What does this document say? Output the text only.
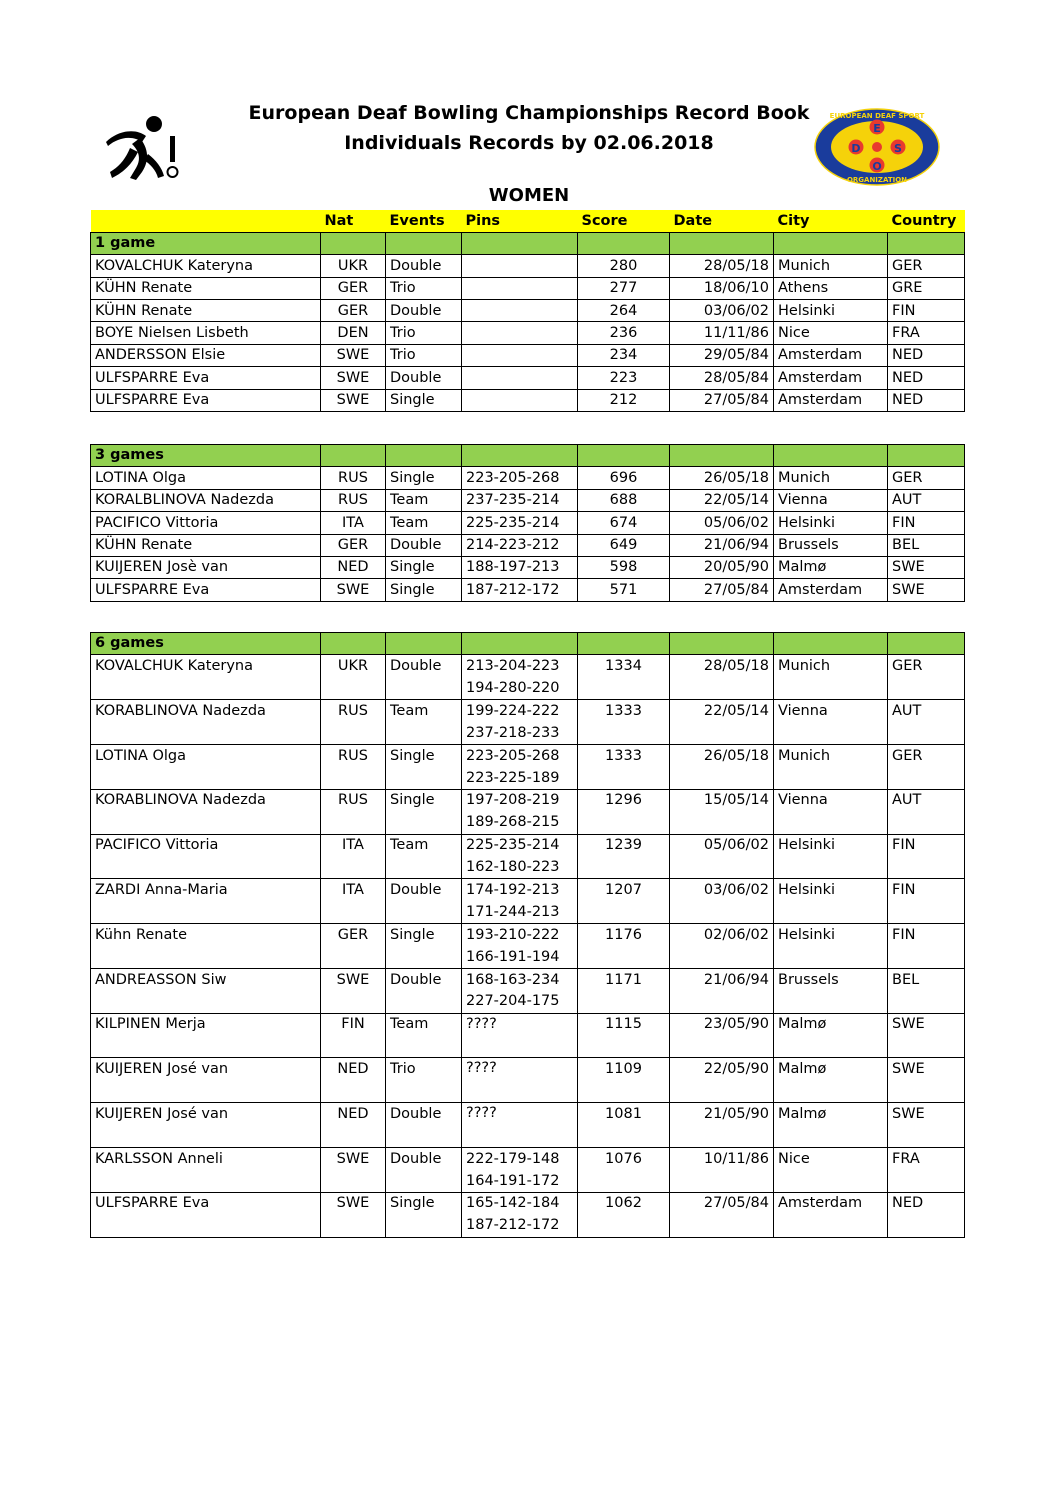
E
D	S
O
EUROPEAN DEAF SPORT
ORGANIZATION
European Deaf Bowling Championships Record Book
Individuals Records by 02.06.2018
WOMEN
	Nat	Events	Pins	Score	Date	City	Country
1 game							
KOVALCHUK Kateryna	UKR	Double		280	28/05/18	Munich	GER
KÜHN Renate	GER	Trio		277	18/06/10	Athens	GRE
KÜHN Renate	GER	Double		264	03/06/02	Helsinki	FIN
BOYE Nielsen Lisbeth	DEN	Trio		236	11/11/86	Nice	FRA
ANDERSSON Elsie	SWE	Trio		234	29/05/84	Amsterdam	NED
ULFSPARRE Eva	SWE	Double		223	28/05/84	Amsterdam	NED
ULFSPARRE Eva	SWE	Single		212	27/05/84	Amsterdam	NED
3 games							
LOTINA Olga	RUS	Single	223-205-268	696	26/05/18	Munich	GER
KORALBLINOVA Nadezda	RUS	Team	237-235-214	688	22/05/14	Vienna	AUT
PACIFICO Vittoria	ITA	Team	225-235-214	674	05/06/02	Helsinki	FIN
KÜHN Renate	GER	Double	214-223-212	649	21/06/94	Brussels	BEL
KUIJEREN Josè van	NED	Single	188-197-213	598	20/05/90	Malmø	SWE
ULFSPARRE Eva	SWE	Single	187-212-172	571	27/05/84	Amsterdam	SWE
6 games							
KOVALCHUK Kateryna	UKR	Double	213-204-223	1334	28/05/18	Munich	GER
			194-280-220				
KORABLINOVA Nadezda	RUS	Team	199-224-222	1333	22/05/14	Vienna	AUT
			237-218-233				
LOTINA Olga	RUS	Single	223-205-268	1333	26/05/18	Munich	GER
			223-225-189				
KORABLINOVA Nadezda	RUS	Single	197-208-219	1296	15/05/14	Vienna	AUT
			189-268-215				
PACIFICO Vittoria	ITA	Team	225-235-214	1239	05/06/02	Helsinki	FIN
			162-180-223				
ZARDI Anna-Maria	ITA	Double	174-192-213	1207	03/06/02	Helsinki	FIN
			171-244-213				
Kühn Renate	GER	Single	193-210-222	1176	02/06/02	Helsinki	FIN
			166-191-194				
ANDREASSON Siw	SWE	Double	168-163-234	1171	21/06/94	Brussels	BEL
			227-204-175				
KILPINEN Merja	FIN	Team	????	1115	23/05/90	Malmø	SWE

KUIJEREN José van	NED	Trio	????	1109	22/05/90	Malmø	SWE

KUIJEREN José van	NED	Double	????	1081	21/05/90	Malmø	SWE

KARLSSON Anneli	SWE	Double	222-179-148	1076	10/11/86	Nice	FRA
			164-191-172				
ULFSPARRE Eva	SWE	Single	165-142-184	1062	27/05/84	Amsterdam	NED
			187-212-172				
